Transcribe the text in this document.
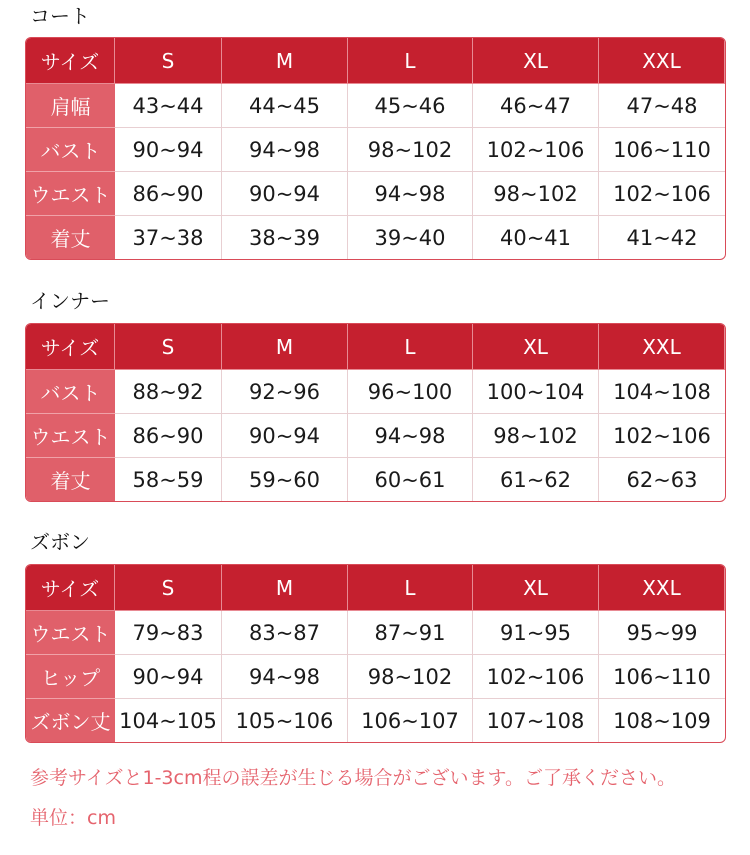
コート
サイズ	S	M	L	XL	XXL
肩幅	43~44	44~45	45~46	46~47	47~48
バスト	90~94	94~98	98~102	102~106	106~110
ウエスト	86~90	90~94	94~98	98~102	102~106
着丈	37~38	38~39	39~40	40~41	41~42
インナー
サイズ	S	M	L	XL	XXL
バスト	88~92	92~96	96~100	100~104	104~108
ウエスト	86~90	90~94	94~98	98~102	102~106
着丈	58~59	59~60	60~61	61~62	62~63
ズボン
サイズ	S	M	L	XL	XXL
ウエスト	79~83	83~87	87~91	91~95	95~99
ヒップ	90~94	94~98	98~102	102~106	106~110
ズボン丈	104~105	105~106	106~107	107~108	108~109
参考サイズと1-3cm程の誤差が生じる場合がございます。ご了承ください。
単位：cm
